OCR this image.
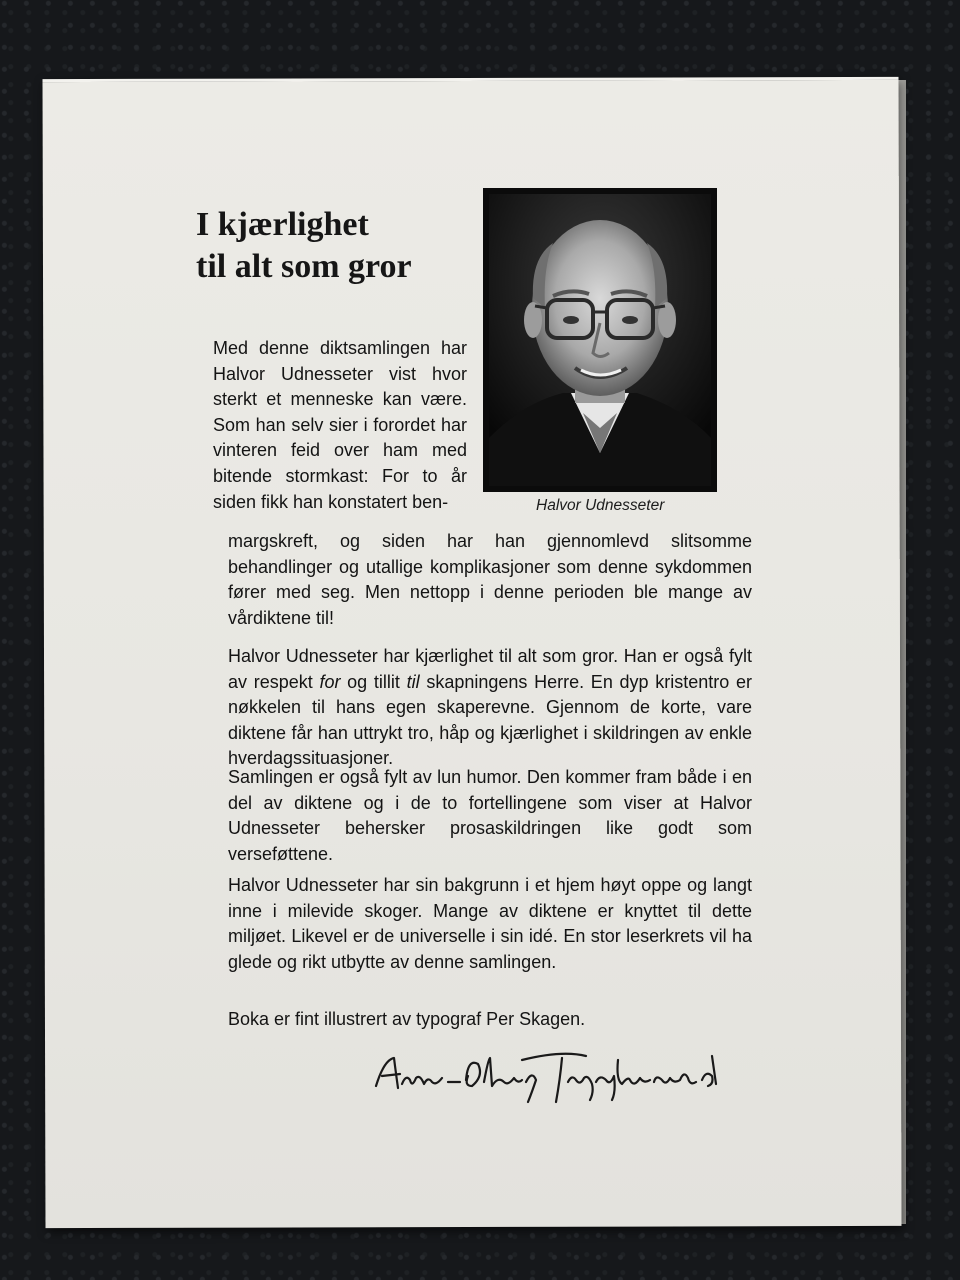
I kjærlighet
til alt som gror
Halvor Udnesseter

Med denne diktsamlingen har Halvor Udnesseter vist hvor sterkt et menneske kan være. Som han selv sier i forordet har vinteren feid over ham med bitende stormkast: For to år siden fikk han konstatert ben-

margskreft, og siden har han gjennomlevd slitsomme behandlinger og utallige komplikasjoner som denne sykdommen fører med seg. Men nettopp i denne perioden ble mange av vårdiktene til!

Halvor Udnesseter har kjærlighet til alt som gror. Han er også fylt av respekt for og tillit til skapningens Herre. En dyp kristentro er nøkkelen til hans egen skaperevne. Gjennom de korte, vare diktene får han uttrykt tro, håp og kjærlighet i skildringen av enkle hverdagssituasjoner.

Samlingen er også fylt av lun humor. Den kommer fram både i en del av diktene og i de to fortellingene som viser at Halvor Udnesseter behersker prosaskildringen like godt som verseføttene.

Halvor Udnesseter har sin bakgrunn i et hjem høyt oppe og langt inne i milevide skoger. Mange av diktene er knyttet til dette miljøet. Likevel er de universelle i sin idé. En stor leserkrets vil ha glede og rikt utbytte av denne samlingen.

Boka er fint illustrert av typograf Per Skagen.
